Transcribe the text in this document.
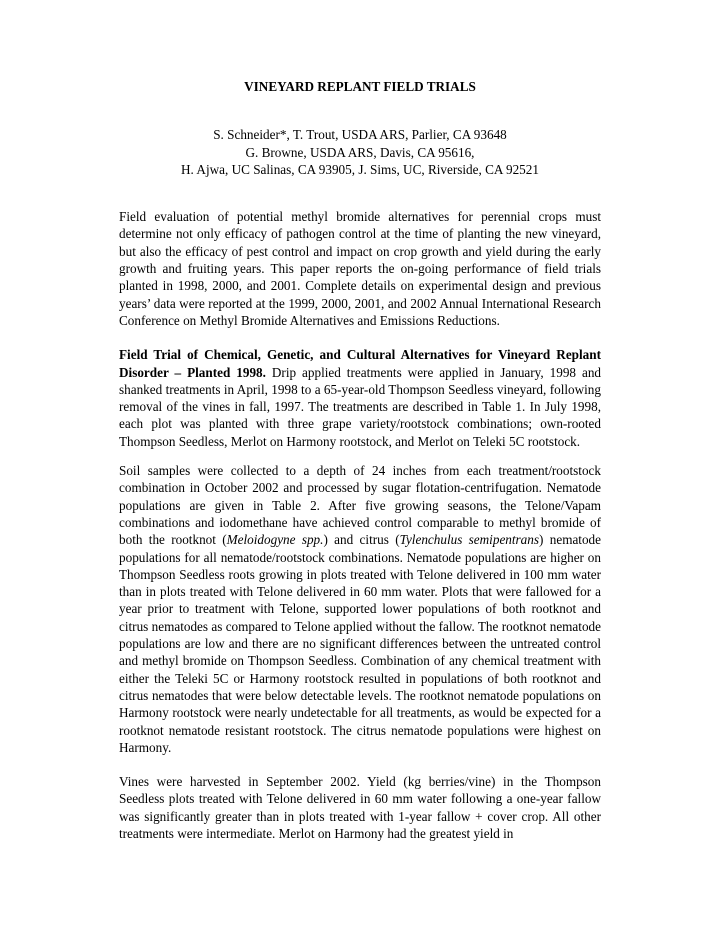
VINEYARD REPLANT FIELD TRIALS
S. Schneider*, T. Trout, USDA ARS, Parlier, CA 93648
G. Browne, USDA ARS, Davis, CA 95616,
H. Ajwa, UC Salinas, CA 93905, J. Sims, UC, Riverside, CA 92521

Field evaluation of potential methyl bromide alternatives for perennial crops must determine not only efficacy of pathogen control at the time of planting the new vineyard, but also the efficacy of pest control and impact on crop growth and yield during the early growth and fruiting years. This paper reports the on-going performance of field trials planted in 1998, 2000, and 2001. Complete details on experimental design and previous years’ data were reported at the 1999, 2000, 2001, and 2002 Annual International Research Conference on Methyl Bromide Alternatives and Emissions Reductions.

Field Trial of Chemical, Genetic, and Cultural Alternatives for Vineyard Replant Disorder – Planted 1998. Drip applied treatments were applied in January, 1998 and shanked treatments in April, 1998 to a 65-year-old Thompson Seedless vineyard, following removal of the vines in fall, 1997. The treatments are described in Table 1. In July 1998, each plot was planted with three grape variety/rootstock combinations; own-rooted Thompson Seedless, Merlot on Harmony rootstock, and Merlot on Teleki 5C rootstock.

Soil samples were collected to a depth of 24 inches from each treatment/rootstock combination in October 2002 and processed by sugar flotation-centrifugation. Nematode populations are given in Table 2. After five growing seasons, the Telone/Vapam combinations and iodomethane have achieved control comparable to methyl bromide of both the rootknot (Meloidogyne spp.) and citrus (Tylenchulus semipentrans) nematode populations for all nematode/rootstock combinations. Nematode populations are higher on Thompson Seedless roots growing in plots treated with Telone delivered in 100 mm water than in plots treated with Telone delivered in 60 mm water. Plots that were fallowed for a year prior to treatment with Telone, supported lower populations of both rootknot and citrus nematodes as compared to Telone applied without the fallow. The rootknot nematode populations are low and there are no significant differences between the untreated control and methyl bromide on Thompson Seedless. Combination of any chemical treatment with either the Teleki 5C or Harmony rootstock resulted in populations of both rootknot and citrus nematodes that were below detectable levels. The rootknot nematode populations on Harmony rootstock were nearly undetectable for all treatments, as would be expected for a rootknot nematode resistant rootstock. The citrus nematode populations were highest on Harmony.

Vines were harvested in September 2002. Yield (kg berries/vine) in the Thompson Seedless plots treated with Telone delivered in 60 mm water following a one-year fallow was significantly greater than in plots treated with 1-year fallow + cover crop. All other treatments were intermediate. Merlot on Harmony had the greatest yield in
